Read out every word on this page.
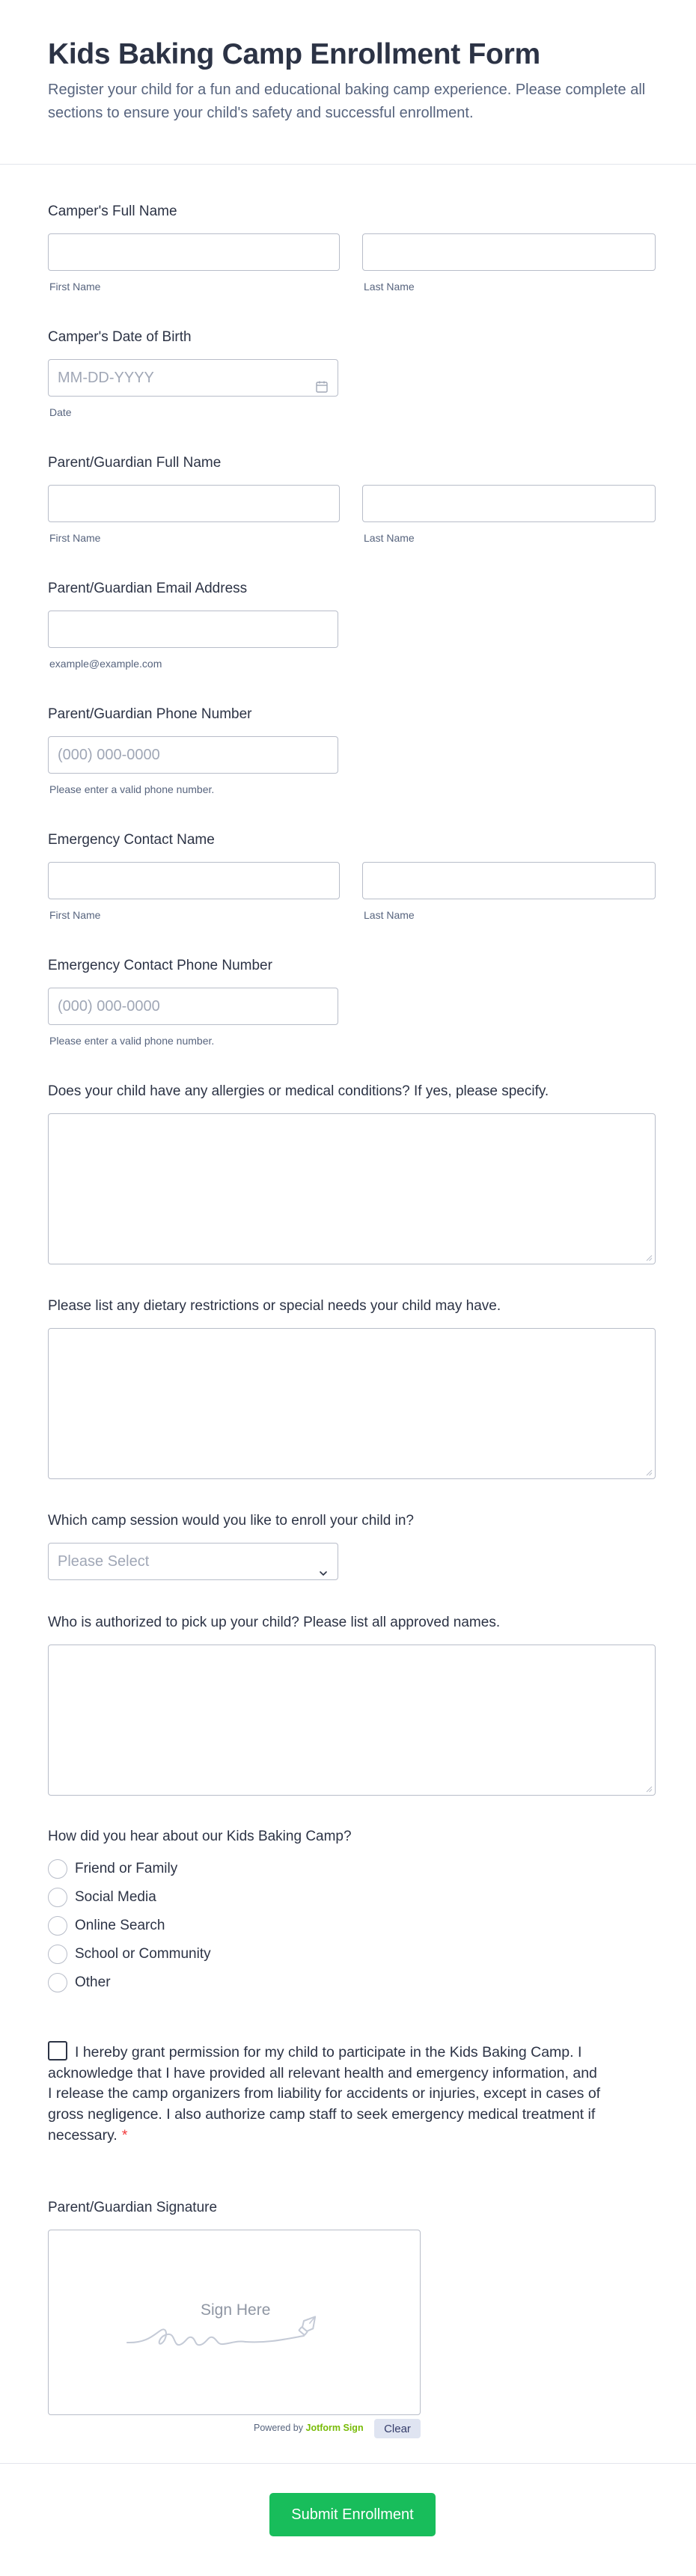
Kids Baking Camp Enrollment Form

Register your child for a fun and educational baking camp experience. Please complete all sections to ensure your child's safety and successful enrollment.

Camper's Full Name
First Name	Last Name
Camper's Date of Birth
MM-DD-YYYY
Date
Parent/Guardian Full Name
First Name	Last Name
Parent/Guardian Email Address
example@example.com
Parent/Guardian Phone Number
(000) 000-0000
Please enter a valid phone number.
Emergency Contact Name
First Name	Last Name
Emergency Contact Phone Number
(000) 000-0000
Please enter a valid phone number.
Does your child have any allergies or medical conditions? If yes, please specify.
Please list any dietary restrictions or special needs your child may have.
Which camp session would you like to enroll your child in?
Please Select
Who is authorized to pick up your child? Please list all approved names.
How did you hear about our Kids Baking Camp?
Friend or Family
Social Media
Online Search
School or Community
Other
I hereby grant permission for my child to participate in the Kids Baking Camp. I acknowledge that I have provided all relevant health and emergency information, and I release the camp organizers from liability for accidents or injuries, except in cases of gross negligence. I also authorize camp staff to seek emergency medical treatment if necessary. *
Parent/Guardian Signature
Sign Here
Powered by Jotform Sign	Clear
Submit Enrollment
